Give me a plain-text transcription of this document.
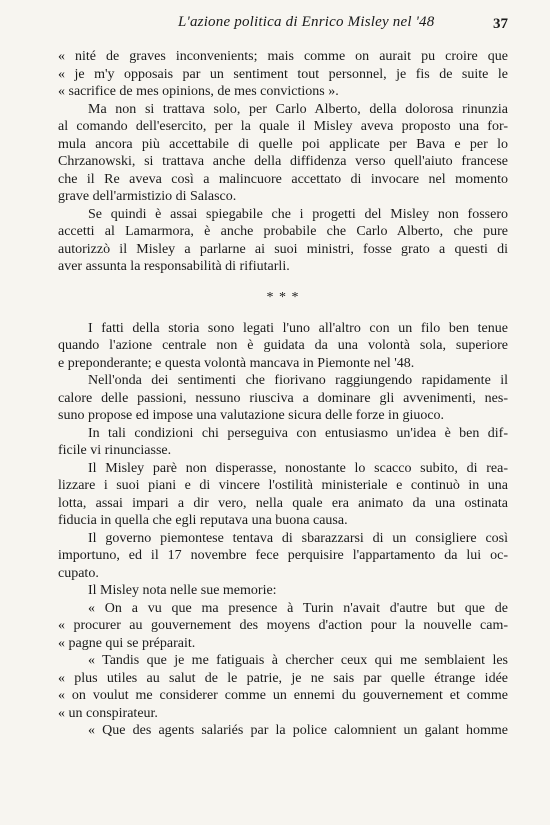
L'azione politica di Enrico Misley nel '48	37
« nité de graves inconvenients; mais comme on aurait pu croire que
« je m'y opposais par un sentiment tout personnel, je fis de suite le
« sacrifice de mes opinions, de mes convictions ».
Ma non si trattava solo, per Carlo Alberto, della dolorosa rinunzia
al comando dell'esercito, per la quale il Misley aveva proposto una for-
mula ancora più accettabile di quelle poi applicate per Bava e per lo
Chrzanowski, si trattava anche della diffidenza verso quell'aiuto francese
che il Re aveva così a malincuore accettato di invocare nel momento
grave dell'armistizio di Salasco.
Se quindi è assai spiegabile che i progetti del Misley non fossero
accetti al Lamarmora, è anche probabile che Carlo Alberto, che pure
autorizzò il Misley a parlarne ai suoi ministri, fosse grato a questi di
aver assunta la responsabilità di rifiutarli.
* * *
I fatti della storia sono legati l'uno all'altro con un filo ben tenue
quando l'azione centrale non è guidata da una volontà sola, superiore
e preponderante; e questa volontà mancava in Piemonte nel '48.
Nell'onda dei sentimenti che fiorivano raggiungendo rapidamente il
calore delle passioni, nessuno riusciva a dominare gli avvenimenti, nes-
suno propose ed impose una valutazione sicura delle forze in giuoco.
In tali condizioni chi perseguiva con entusiasmo un'idea è ben dif-
ficile vi rinunciasse.
Il Misley parè non disperasse, nonostante lo scacco subito, di rea-
lizzare i suoi piani e di vincere l'ostilità ministeriale e continuò in una
lotta, assai impari a dir vero, nella quale era animato da una ostinata
fiducia in quella che egli reputava una buona causa.
Il governo piemontese tentava di sbarazzarsi di un consigliere così
importuno, ed il 17 novembre fece perquisire l'appartamento da lui oc-
cupato.
Il Misley nota nelle sue memorie:
« On a vu que ma presence à Turin n'avait d'autre but que de
« procurer au gouvernement des moyens d'action pour la nouvelle cam-
« pagne qui se préparait.
« Tandis que je me fatiguais à chercher ceux qui me semblaient les
« plus utiles au salut de le patrie, je ne sais par quelle étrange idée
« on voulut me considerer comme un ennemi du gouvernement et comme
« un conspirateur.
« Que des agents salariés par la police calomnient un galant homme
